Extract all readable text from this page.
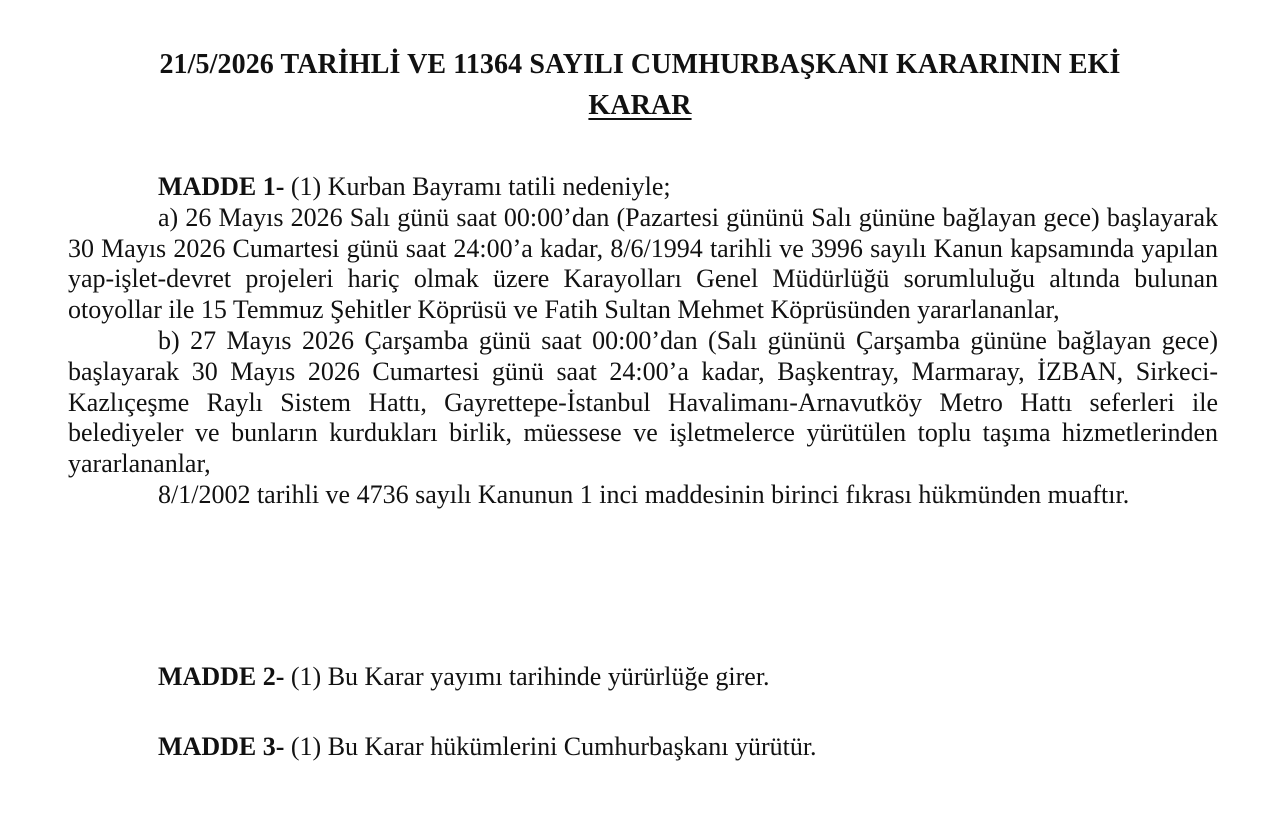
21/5/2026 TARİHLİ VE 11364 SAYILI CUMHURBAŞKANI KARARININ EKİ
KARAR

MADDE 1- (1) Kurban Bayramı tatili nedeniyle;

a) 26 Mayıs 2026 Salı günü saat 00:00’dan (Pazartesi gününü Salı gününe bağlayan gece) başlayarak 30 Mayıs 2026 Cumartesi günü saat 24:00’a kadar, 8/6/1994 tarihli ve 3996 sayılı Kanun kapsamında yapılan yap-işlet-devret projeleri hariç olmak üzere Karayolları Genel Müdürlüğü sorumluluğu altında bulunan otoyollar ile 15 Temmuz Şehitler Köprüsü ve Fatih Sultan Mehmet Köprüsünden yararlananlar,

b) 27 Mayıs 2026 Çarşamba günü saat 00:00’dan (Salı gününü Çarşamba gününe bağlayan gece) başlayarak 30 Mayıs 2026 Cumartesi günü saat 24:00’a kadar, Başkentray, Marmaray, İZBAN, Sirkeci-Kazlıçeşme Raylı Sistem Hattı, Gayrettepe-İstanbul Havalimanı-Arnavutköy Metro Hattı seferleri ile belediyeler ve bunların kurdukları birlik, müessese ve işletmelerce yürütülen toplu taşıma hizmetlerinden yararlananlar,

8/1/2002 tarihli ve 4736 sayılı Kanunun 1 inci maddesinin birinci fıkrası hükmünden muaftır.

MADDE 2- (1) Bu Karar yayımı tarihinde yürürlüğe girer.
MADDE 3- (1) Bu Karar hükümlerini Cumhurbaşkanı yürütür.
